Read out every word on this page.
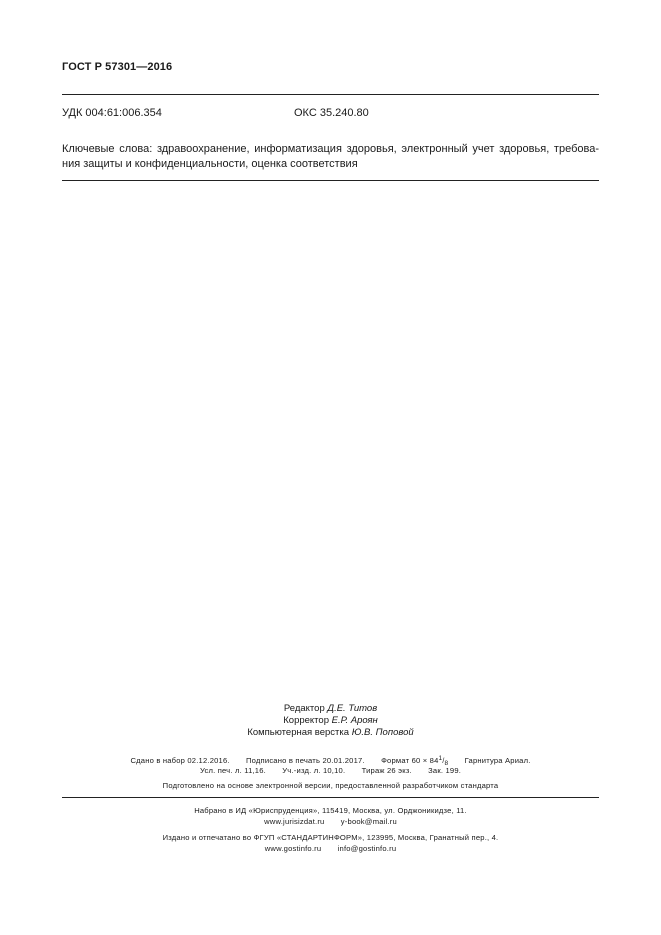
ГОСТ Р 57301—2016
УДК 004:61:006.354	ОКС 35.240.80
Ключевые слова: здравоохранение, информатизация здоровья, электронный учет здоровья, требова-
ния защиты и конфиденциальности, оценка соответствия
Редактор Д.Е. Титов
Корректор Е.Р. Ароян
Компьютерная верстка Ю.В. Поповой
Сдано в набор 02.12.2016. Подписано в печать 20.01.2017. Формат $60 \times 84^1/_8$ Гарнитура Ариал.
Усл. печ. л. 11,16. Уч.-изд. л. 10,10. Тираж 26 экз. Зак. 199.
Подготовлено на основе электронной версии, предоставленной разработчиком стандарта
Набрано в ИД «Юриспруденция», 115419, Москва, ул. Орджоникидзе, 11.
www.jurisizdat.ru y-book@mail.ru
Издано и отпечатано во ФГУП «СТАНДАРТИНФОРМ», 123995, Москва, Гранатный пер., 4.
www.gostinfo.ru info@gostinfo.ru
